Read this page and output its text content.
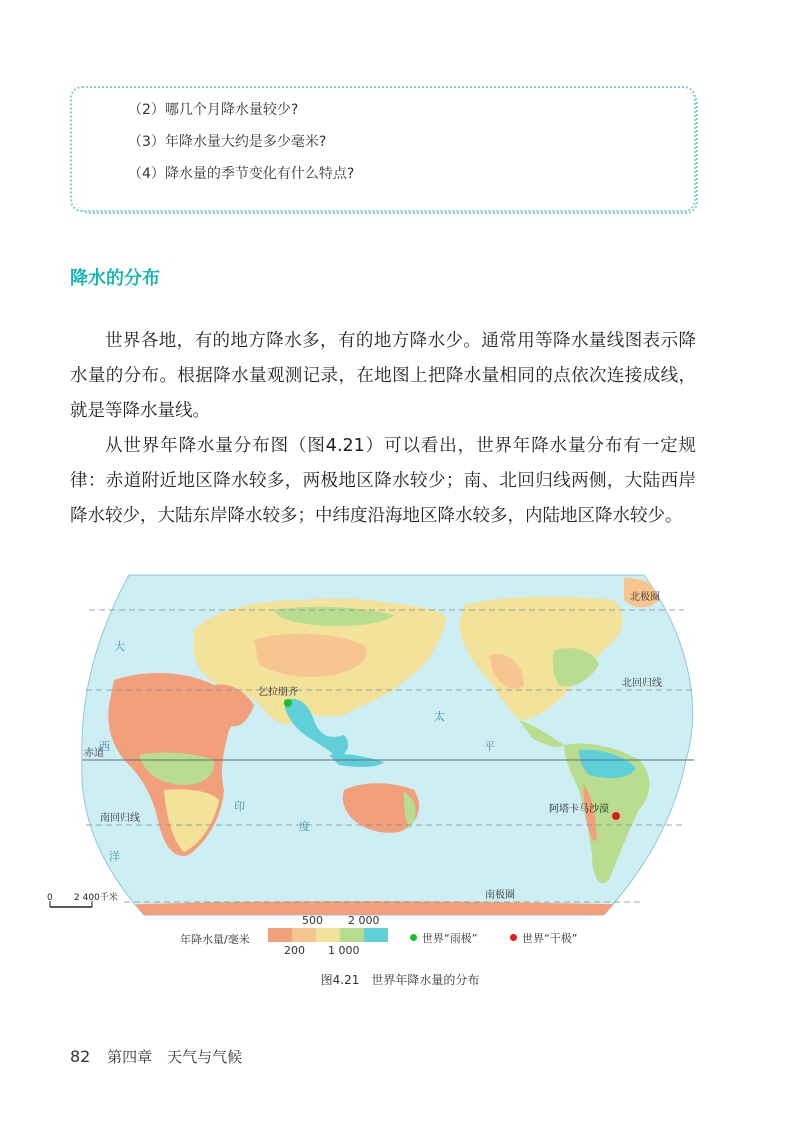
（2）哪几个月降水量较少?
（3）年降水量大约是多少毫米?
（4）降水量的季节变化有什么特点?
降水的分布

世界各地，有的地方降水多，有的地方降水少。通常用等降水量线图表示降水量的分布。根据降水量观测记录，在地图上把降水量相同的点依次连接成线，就是等降水量线。

从世界年降水量分布图（图4.21）可以看出，世界年降水量分布有一定规律：赤道附近地区降水较多，两极地区降水较少；南、北回归线两侧，大陆西岸降水较少，大陆东岸降水较多；中纬度沿海地区降水较多，内陆地区降水较少。

大
西
洋
印
度
太
平
北回归线
赤道
南回归线
南极圈
北极圈
乞拉朋齐
阿塔卡马沙漠
0 2 400千米
年降水量/毫米
500 2 000
200 1 000
世界“雨极”	世界“干极”
图4.21　世界年降水量的分布
82 第四章　天气与气候
